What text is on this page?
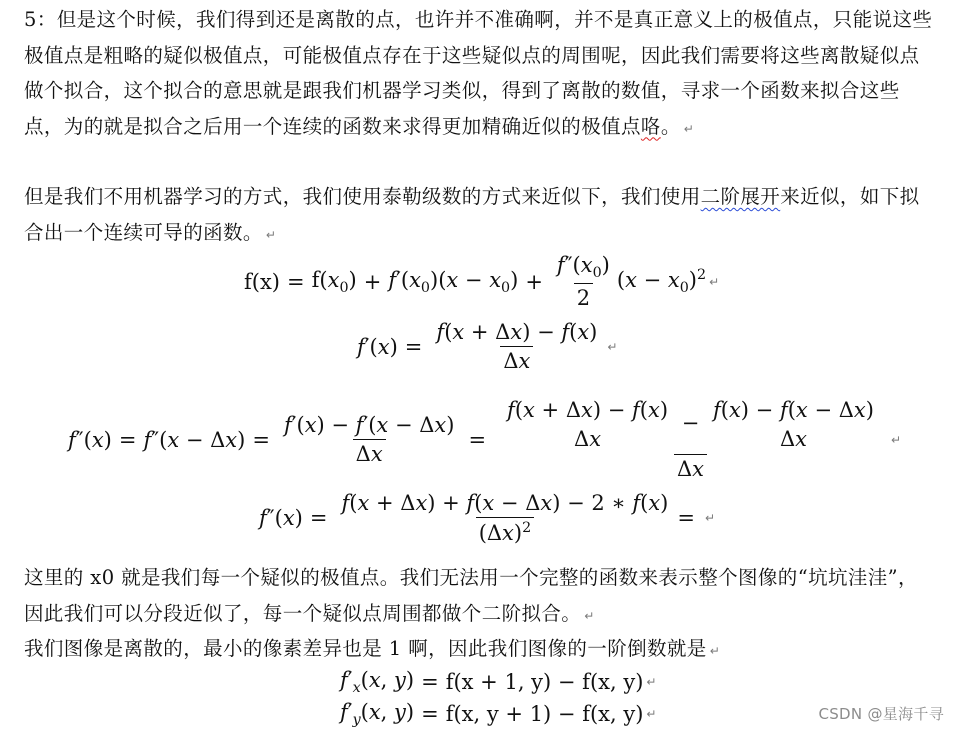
5：但是这个时候，我们得到还是离散的点，也许并不准确啊，并不是真正意义上的极值点，只能说这些极值点是粗略的疑似极值点，可能极值点存在于这些疑似点的周围呢，因此我们需要将这些离散疑似点做个拟合，这个拟合的意思就是跟我们机器学习类似，得到了离散的数值，寻求一个函数来拟合这些点，为的就是拟合之后用一个连续的函数来求得更加精确近似的极值点咯。 ↵

但是我们不用机器学习的方式，我们使用泰勒级数的方式来近似下，我们使用二阶展开来近似，如下拟合出一个连续可导的函数。 ↵

$f(x) = f(x_0) + f'(x_0)(x - x_0) + \frac{f''(x_0)}{2} (x - x_0)^2$ ↵
$f'(x) = \frac{f(x + \Delta x) - f(x)}{\Delta x}$ ↵
$f''(x) = f''(x - \Delta x) = \frac{f'(x) - f'(x - \Delta x)}{\Delta x} = f(x + \Delta x) - f(x)$
Δx
−
f(x) − f(x − Δx)
Δx
Δx ↵
$f''(x) = \frac{f(x + \Delta x) + f(x - \Delta x) - 2 ∗ f(x)}{(\Delta x)^2}$ = ↵

这里的 x0 就是我们每一个疑似的极值点。我们无法用一个完整的函数来表示整个图像的“坑坑洼洼”，因此我们可以分段近似了，每一个疑似点周围都做个二阶拟合。 ↵

我们图像是离散的，最小的像素差异也是 1 啊，因此我们图像的一阶倒数就是 ↵

$f'_x(x$, y) = f(x + 1, y) − f(x, y) ↵
$f'_y(x$, y) = f(x, y + 1) − f(x, y) ↵	CSDN @星海千寻
